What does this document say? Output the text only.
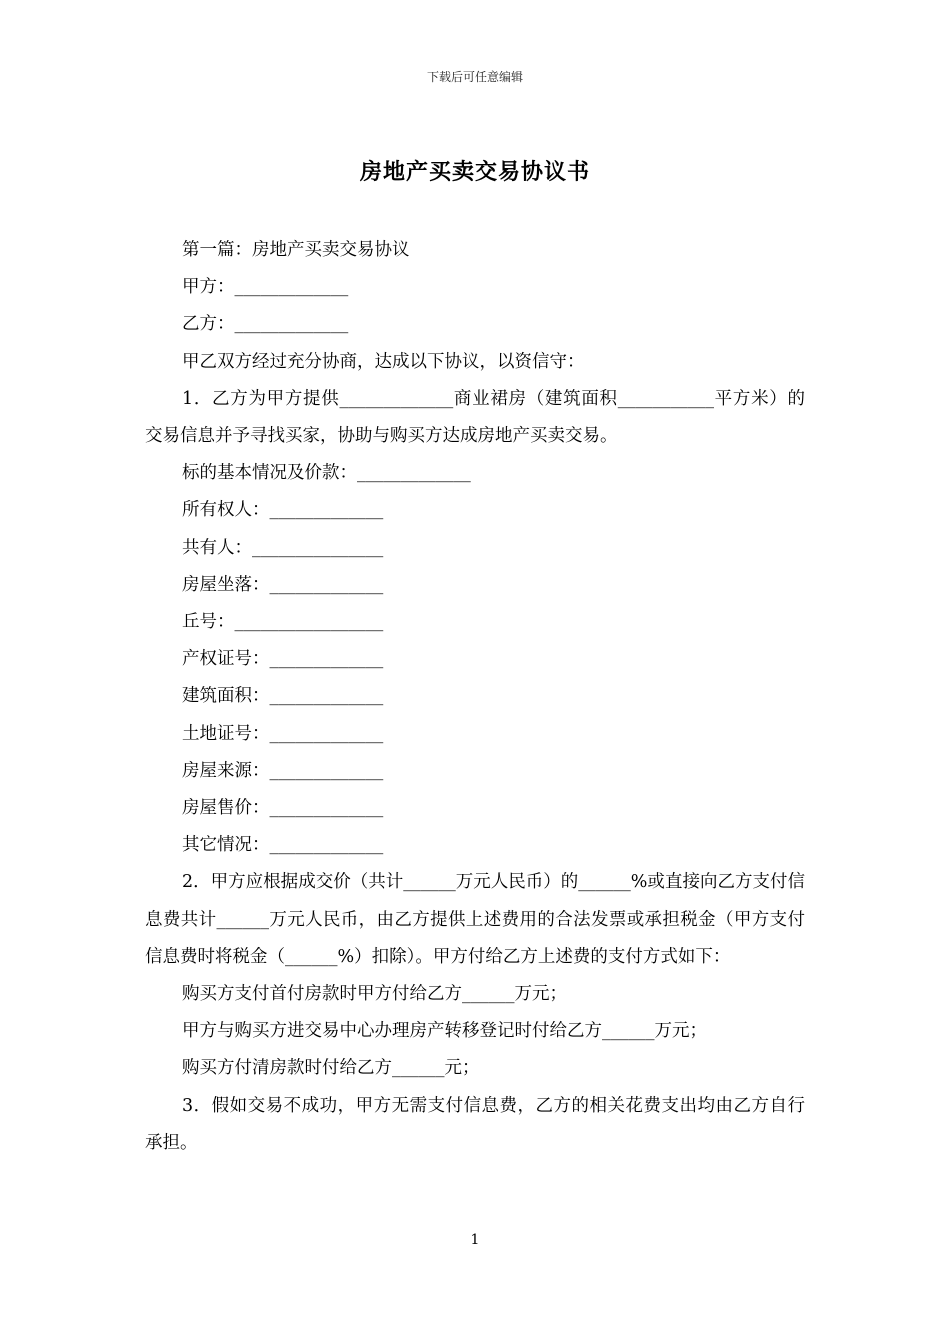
下载后可任意编辑
房地产买卖交易协议书

第一篇：房地产买卖交易协议

甲方：_____________

乙方：_____________

甲乙双方经过充分协商，达成以下协议，以资信守：

1．乙方为甲方提供_____________商业裙房（建筑面积___________平方米）的交易信息并予寻找买家，协助与购买方达成房地产买卖交易。

标的基本情况及价款：_____________

所有权人：_____________

共有人：_______________

房屋坐落：_____________

丘号：_________________

产权证号：_____________

建筑面积：_____________

土地证号：_____________

房屋来源：_____________

房屋售价：_____________

其它情况：_____________

2．甲方应根据成交价（共计______万元人民币）的______%或直接向乙方支付信息费共计______万元人民币，由乙方提供上述费用的合法发票或承担税金（甲方支付信息费时将税金（______%）扣除）。甲方付给乙方上述费的支付方式如下：

购买方支付首付房款时甲方付给乙方______万元；

甲方与购买方进交易中心办理房产转移登记时付给乙方______万元；

购买方付清房款时付给乙方______元；

3．假如交易不成功，甲方无需支付信息费，乙方的相关花费支出均由乙方自行承担。

1
